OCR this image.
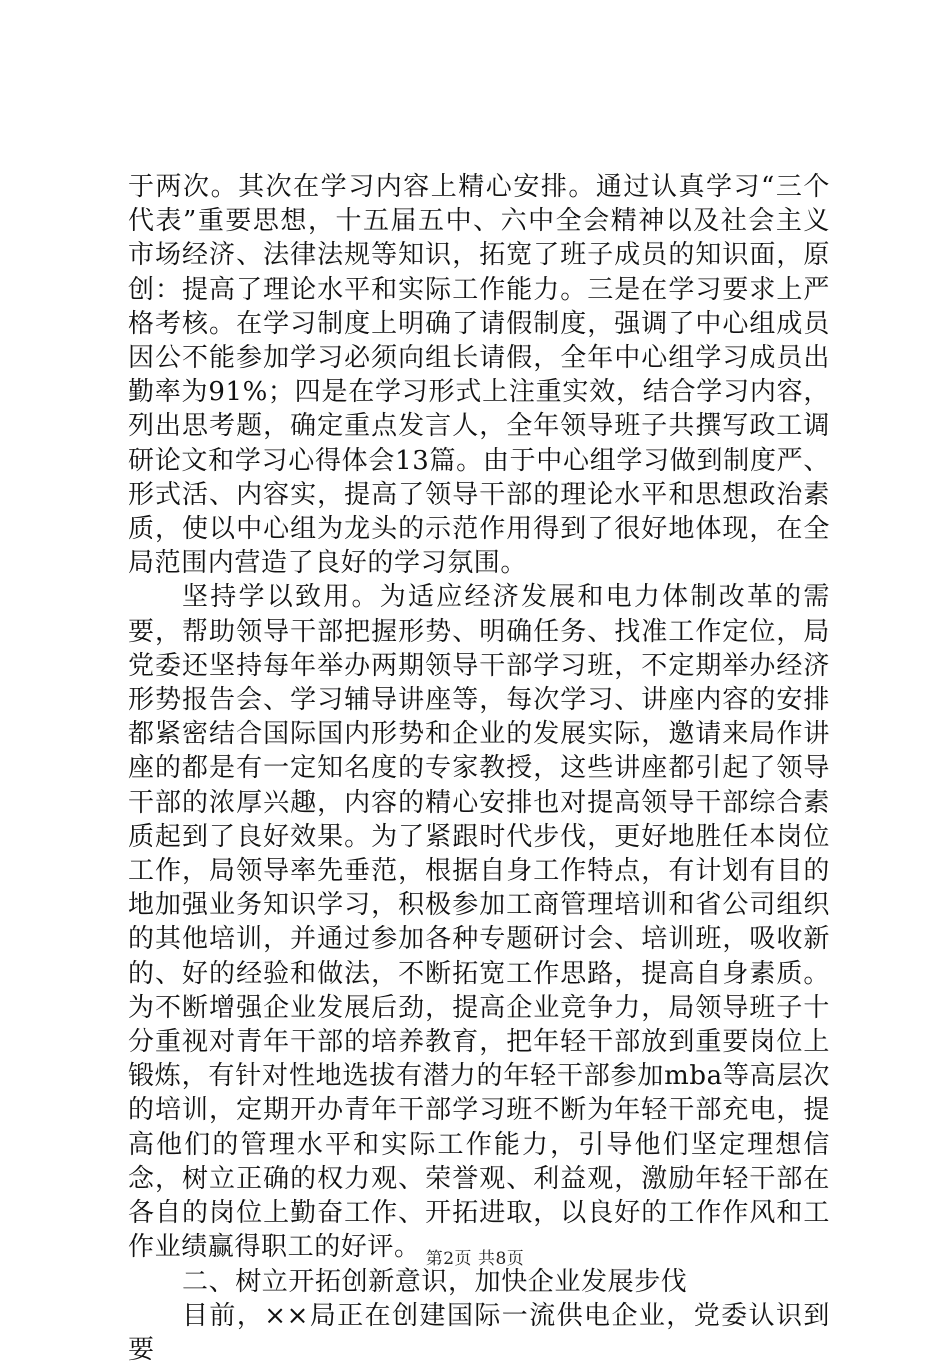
于两次。其次在学习内容上精心安排。通过认真学习“三个代表”重要思想，十五届五中、六中全会精神以及社会主义市场经济、法律法规等知识，拓宽了班子成员的知识面，原创：提高了理论水平和实际工作能力。三是在学习要求上严格考核。在学习制度上明确了请假制度，强调了中心组成员因公不能参加学习必须向组长请假，全年中心组学习成员出勤率为91%；四是在学习形式上注重实效，结合学习内容，列出思考题，确定重点发言人，全年领导班子共撰写政工调研论文和学习心得体会13篇。由于中心组学习做到制度严、形式活、内容实，提高了领导干部的理论水平和思想政治素质，使以中心组为龙头的示范作用得到了很好地体现，在全局范围内营造了良好的学习氛围。

坚持学以致用。为适应经济发展和电力体制改革的需要，帮助领导干部把握形势、明确任务、找准工作定位，局党委还坚持每年举办两期领导干部学习班，不定期举办经济形势报告会、学习辅导讲座等，每次学习、讲座内容的安排都紧密结合国际国内形势和企业的发展实际，邀请来局作讲座的都是有一定知名度的专家教授，这些讲座都引起了领导干部的浓厚兴趣，内容的精心安排也对提高领导干部综合素质起到了良好效果。为了紧跟时代步伐，更好地胜任本岗位工作，局领导率先垂范，根据自身工作特点，有计划有目的地加强业务知识学习，积极参加工商管理培训和省公司组织的其他培训，并通过参加各种专题研讨会、培训班，吸收新的、好的经验和做法，不断拓宽工作思路，提高自身素质。为不断增强企业发展后劲，提高企业竞争力，局领导班子十分重视对青年干部的培养教育，把年轻干部放到重要岗位上锻炼，有针对性地选拔有潜力的年轻干部参加mba等高层次的培训，定期开办青年干部学习班不断为年轻干部充电，提高他们的管理水平和实际工作能力，引导他们坚定理想信念，树立正确的权力观、荣誉观、利益观，激励年轻干部在各自的岗位上勤奋工作、开拓进取，以良好的工作作风和工作业绩赢得职工的好评。

二、树立开拓创新意识，加快企业发展步伐

目前，××局正在创建国际一流供电企业，党委认识到要

第2页 共8页
